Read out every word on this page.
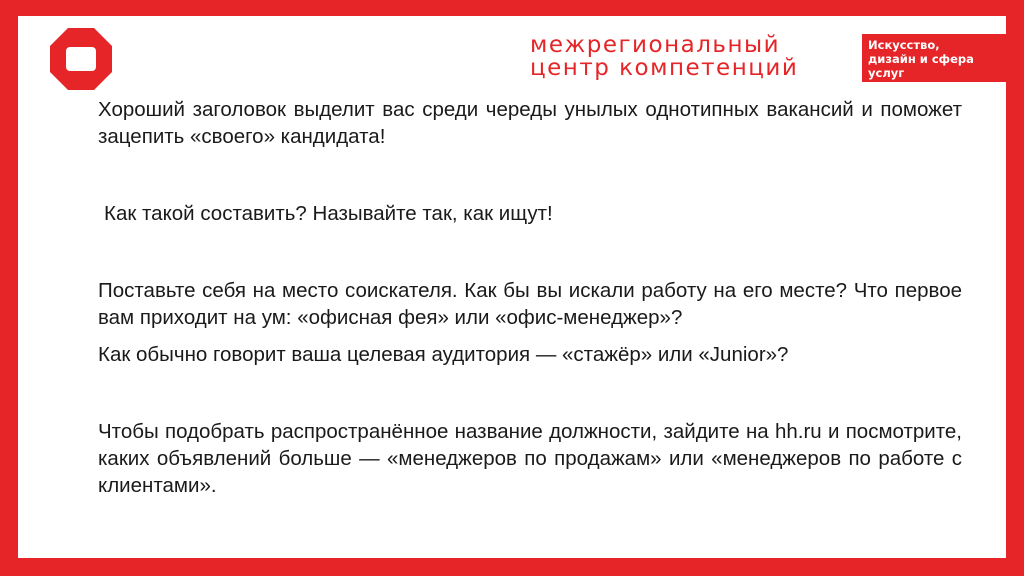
межрегиональный
центр компетенций
Искусство,
дизайн и сфера
услуг

Хороший заголовок выделит вас среди череды унылых однотипных вакансий и поможет зацепить «своего» кандидата!

Как такой составить? Называйте так, как ищут!

Поставьте себя на место соискателя. Как бы вы искали работу на его месте? Что первое вам приходит на ум: «офисная фея» или «офис-менеджер»?

Как обычно говорит ваша целевая аудитория — «стажёр» или «Junior»?

Чтобы подобрать распространённое название должности, зайдите на hh.ru и посмотрите, каких объявлений больше — «менеджеров по продажам» или «менеджеров по работе с клиентами».
